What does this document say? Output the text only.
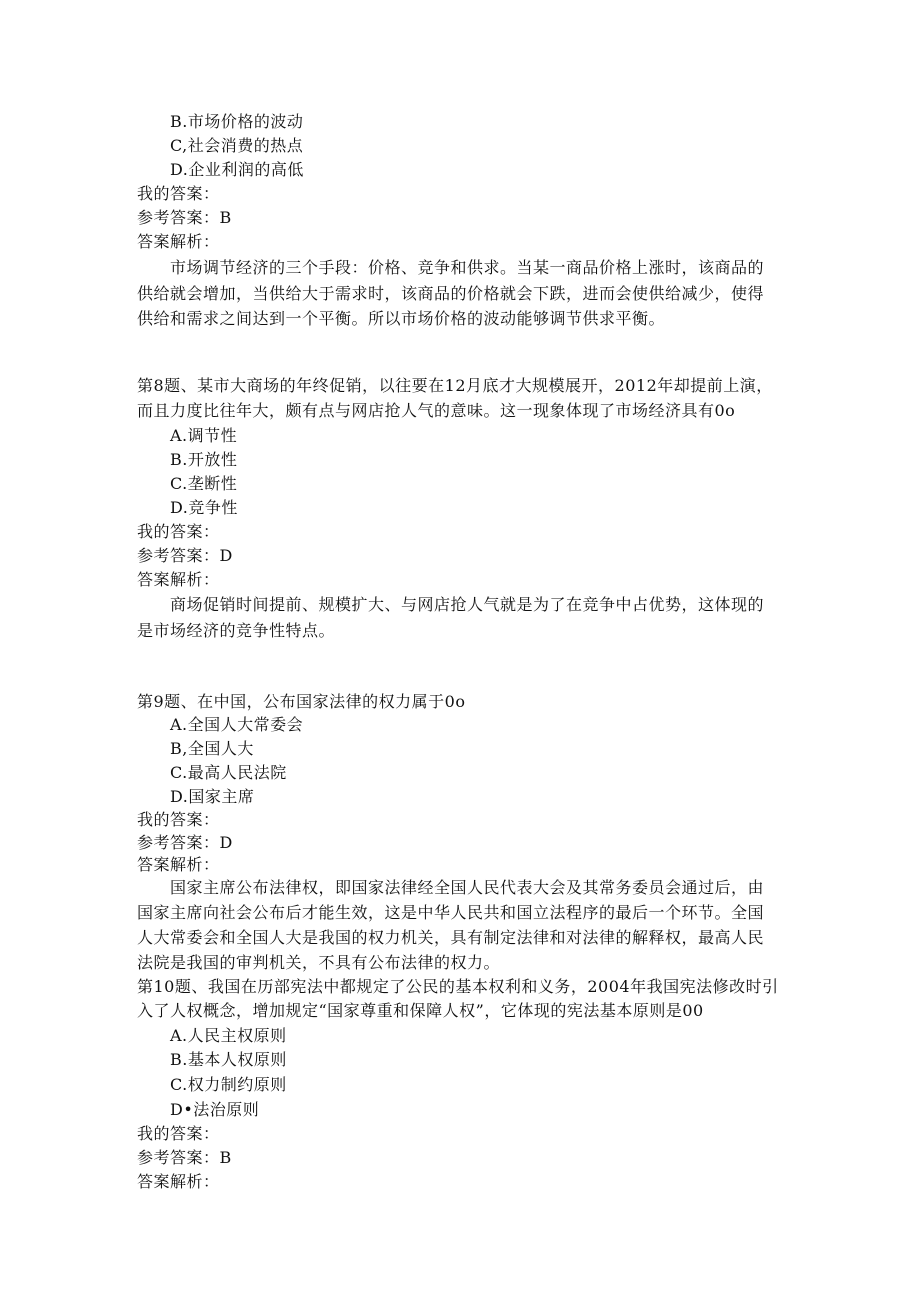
B.市场价格的波动
C,社会消费的热点
D.企业利润的高低
我的答案：
参考答案：B
答案解析：
市场调节经济的三个手段：价格、竞争和供求。当某一商品价格上涨时，该商品的
供给就会增加，当供给大于需求时，该商品的价格就会下跌，进而会使供给减少，使得
供给和需求之间达到一个平衡。所以市场价格的波动能够调节供求平衡。
第8题、某市大商场的年终促销，以往要在12月底才大规模展开，2012年却提前上演，
而且力度比往年大，颇有点与网店抢人气的意味。这一现象体现了市场经济具有0o
A.调节性
B.开放性
C.垄断性
D.竞争性
我的答案：
参考答案：D
答案解析：
商场促销时间提前、规模扩大、与网店抢人气就是为了在竞争中占优势，这体现的
是市场经济的竞争性特点。
第9题、在中国，公布国家法律的权力属于0o
A.全国人大常委会
B,全国人大
C.最高人民法院
D.国家主席
我的答案：
参考答案：D
答案解析：
国家主席公布法律权，即国家法律经全国人民代表大会及其常务委员会通过后，由
国家主席向社会公布后才能生效，这是中华人民共和国立法程序的最后一个环节。全国
人大常委会和全国人大是我国的权力机关，具有制定法律和对法律的解释权，最高人民
法院是我国的审判机关，不具有公布法律的权力。
第10题、我国在历部宪法中都规定了公民的基本权利和义务，2004年我国宪法修改时引
入了人权概念，增加规定“国家尊重和保障人权”，它体现的宪法基本原则是00
A.人民主权原则
B.基本人权原则
C.权力制约原则
D•法治原则
我的答案：
参考答案：B
答案解析：
